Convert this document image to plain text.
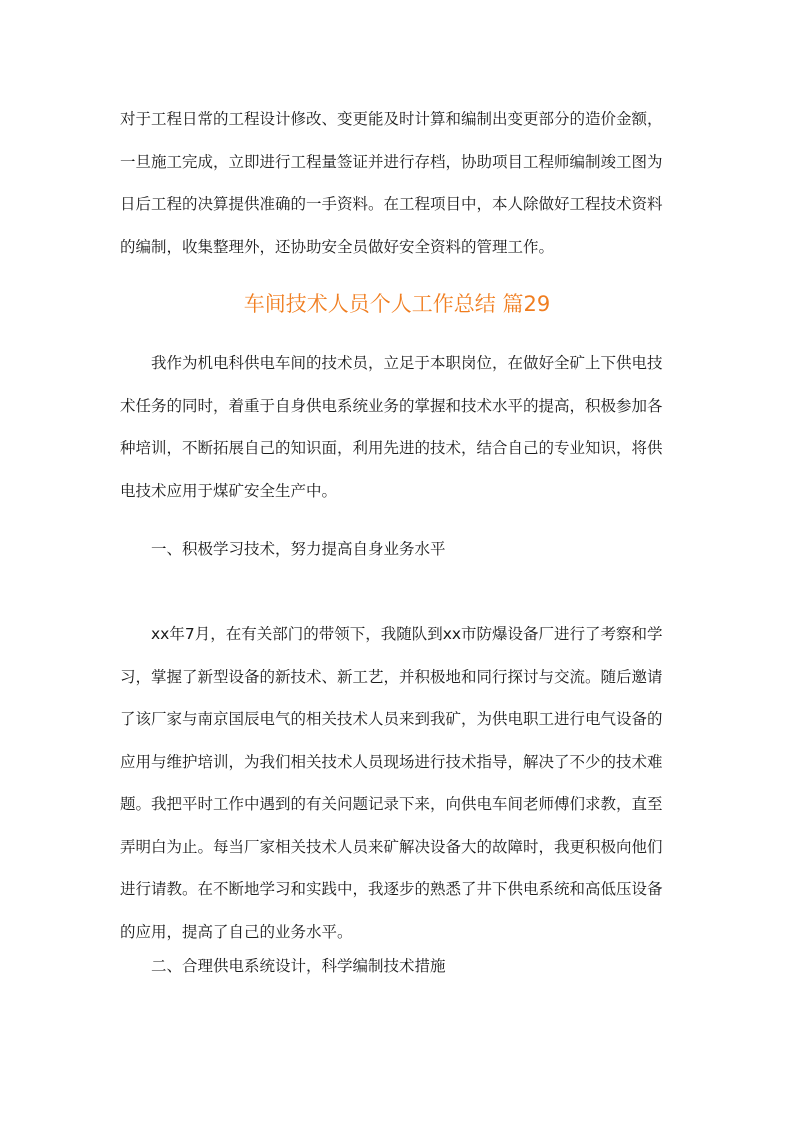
对于工程日常的工程设计修改、变更能及时计算和编制出变更部分的造价金额，一旦施工完成，立即进行工程量签证并进行存档，协助项目工程师编制竣工图为日后工程的决算提供准确的一手资料。在工程项目中，本人除做好工程技术资料的编制，收集整理外，还协助安全员做好安全资料的管理工作。

车间技术人员个人工作总结 篇29

我作为机电科供电车间的技术员，立足于本职岗位，在做好全矿上下供电技术任务的同时，着重于自身供电系统业务的掌握和技术水平的提高，积极参加各种培训，不断拓展自己的知识面，利用先进的技术，结合自己的专业知识，将供电技术应用于煤矿安全生产中。

一、积极学习技术，努力提高自身业务水平

xx年7月，在有关部门的带领下，我随队到xx市防爆设备厂进行了考察和学习，掌握了新型设备的新技术、新工艺，并积极地和同行探讨与交流。随后邀请了该厂家与南京国辰电气的相关技术人员来到我矿，为供电职工进行电气设备的应用与维护培训，为我们相关技术人员现场进行技术指导，解决了不少的技术难题。我把平时工作中遇到的有关问题记录下来，向供电车间老师傅们求教，直至弄明白为止。每当厂家相关技术人员来矿解决设备大的故障时，我更积极向他们进行请教。在不断地学习和实践中，我逐步的熟悉了井下供电系统和高低压设备的应用，提高了自己的业务水平。

二、合理供电系统设计，科学编制技术措施
